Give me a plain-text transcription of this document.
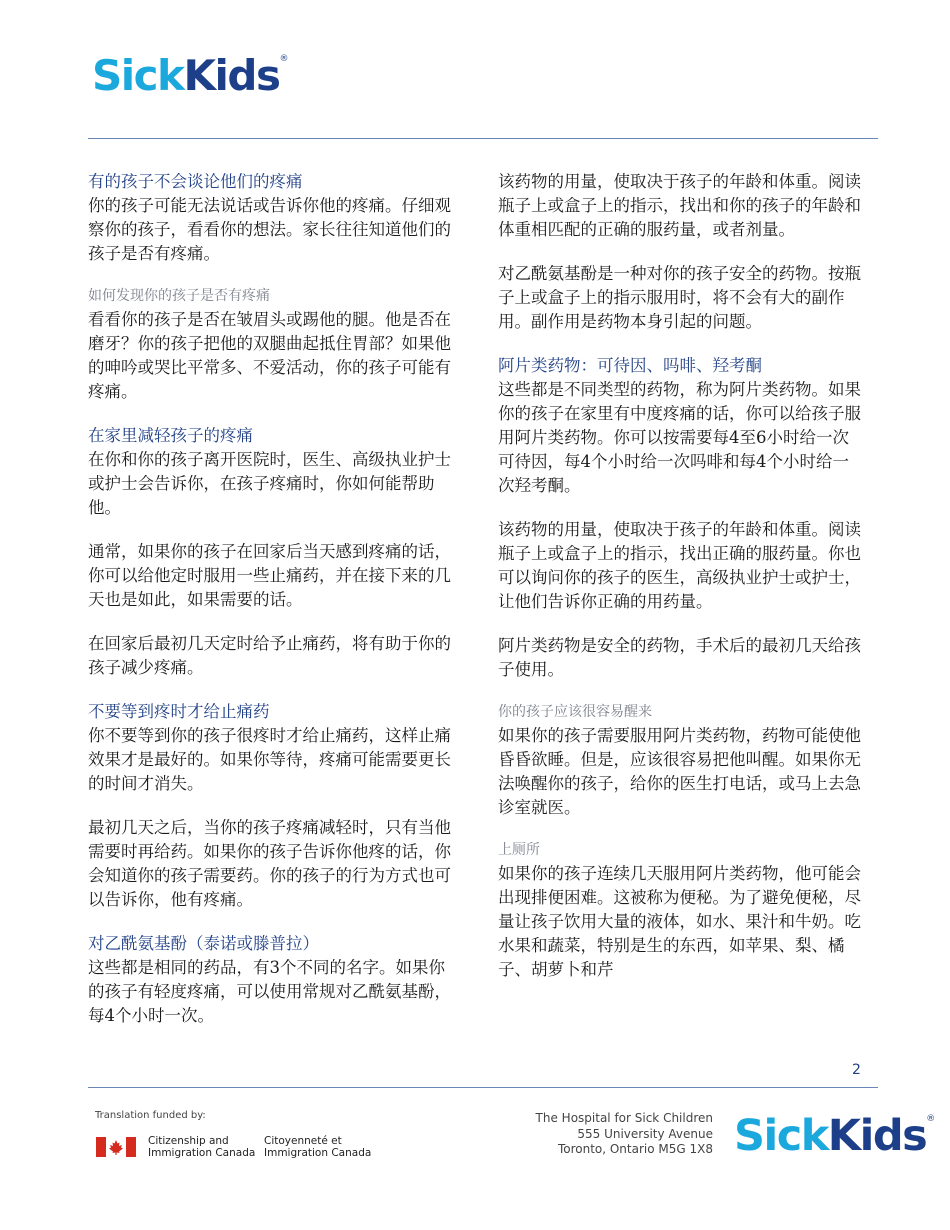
SickKids®
有的孩子不会谈论他们的疼痛

你的孩子可能无法说话或告诉你他的疼痛。仔细观察你的孩子，看看你的想法。家长往往知道他们的孩子是否有疼痛。

如何发现你的孩子是否有疼痛

看看你的孩子是否在皱眉头或踢他的腿。他是否在磨牙？你的孩子把他的双腿曲起抵住胃部？如果他的呻吟或哭比平常多、不爱活动，你的孩子可能有疼痛。

在家里减轻孩子的疼痛

在你和你的孩子离开医院时，医生、高级执业护士或护士会告诉你，在孩子疼痛时，你如何能帮助他。

通常，如果你的孩子在回家后当天感到疼痛的话，你可以给他定时服用一些止痛药，并在接下来的几天也是如此，如果需要的话。

在回家后最初几天定时给予止痛药，将有助于你的孩子减少疼痛。

不要等到疼时才给止痛药

你不要等到你的孩子很疼时才给止痛药，这样止痛效果才是最好的。如果你等待，疼痛可能需要更长的时间才消失。

最初几天之后，当你的孩子疼痛减轻时，只有当他需要时再给药。如果你的孩子告诉你他疼的话，你会知道你的孩子需要药。你的孩子的行为方式也可以告诉你，他有疼痛。

对乙酰氨基酚（泰诺或滕普拉）

这些都是相同的药品，有3个不同的名字。如果你的孩子有轻度疼痛，可以使用常规对乙酰氨基酚，每4个小时一次。

该药物的用量，使取决于孩子的年龄和体重。阅读瓶子上或盒子上的指示，找出和你的孩子的年龄和体重相匹配的正确的服药量，或者剂量。

对乙酰氨基酚是一种对你的孩子安全的药物。按瓶子上或盒子上的指示服用时，将不会有大的副作用。副作用是药物本身引起的问题。

阿片类药物：可待因、吗啡、羟考酮

这些都是不同类型的药物，称为阿片类药物。如果你的孩子在家里有中度疼痛的话，你可以给孩子服用阿片类药物。你可以按需要每4至6小时给一次可待因，每4个小时给一次吗啡和每4个小时给一次羟考酮。

该药物的用量，使取决于孩子的年龄和体重。阅读瓶子上或盒子上的指示，找出正确的服药量。你也可以询问你的孩子的医生，高级执业护士或护士，让他们告诉你正确的用药量。

阿片类药物是安全的药物，手术后的最初几天给孩子使用。

你的孩子应该很容易醒来

如果你的孩子需要服用阿片类药物，药物可能使他昏昏欲睡。但是，应该很容易把他叫醒。如果你无法唤醒你的孩子，给你的医生打电话，或马上去急诊室就医。

上厕所

如果你的孩子连续几天服用阿片类药物，他可能会出现排便困难。这被称为便秘。为了避免便秘，尽量让孩子饮用大量的液体，如水、果汁和牛奶。吃水果和蔬菜，特别是生的东西，如苹果、梨、橘子、胡萝卜和芹

2
Translation funded by:
Citizenship and
Immigration Canada
Citoyenneté et
Immigration Canada
The Hospital for Sick Children
555 University Avenue
Toronto, Ontario M5G 1X8 SickKids®
